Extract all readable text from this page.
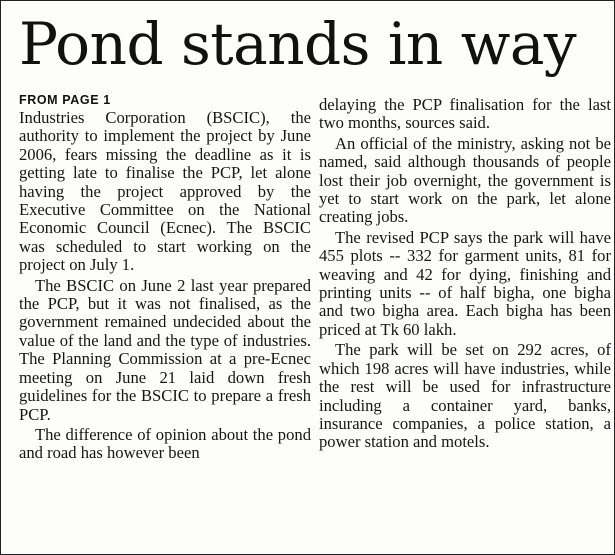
Pond stands in way
FROM PAGE 1

Industries Corporation (BSCIC), the authority to implement the project by June 2006, fears missing the deadline as it is getting late to finalise the PCP, let alone having the project approved by the Executive Committee on the National Economic Council (Ecnec). The BSCIC was scheduled to start working on the project on July 1.

The BSCIC on June 2 last year prepared the PCP, but it was not finalised, as the government remained undecided about the value of the land and the type of industries. The Planning Commission at a pre-Ecnec meeting on June 21 laid down fresh guidelines for the BSCIC to prepare a fresh PCP.

The difference of opinion about the pond and road has however been

delaying the PCP finalisation for the last two months, sources said.

An official of the ministry, asking not be named, said although thousands of people lost their job overnight, the government is yet to start work on the park, let alone creating jobs.

The revised PCP says the park will have 455 plots -- 332 for garment units, 81 for weaving and 42 for dying, finishing and printing units -- of half bigha, one bigha and two bigha area. Each bigha has been priced at Tk 60 lakh.

The park will be set on 292 acres, of which 198 acres will have industries, while the rest will be used for infrastructure including a container yard, banks, insurance companies, a police station, a power station and motels.
